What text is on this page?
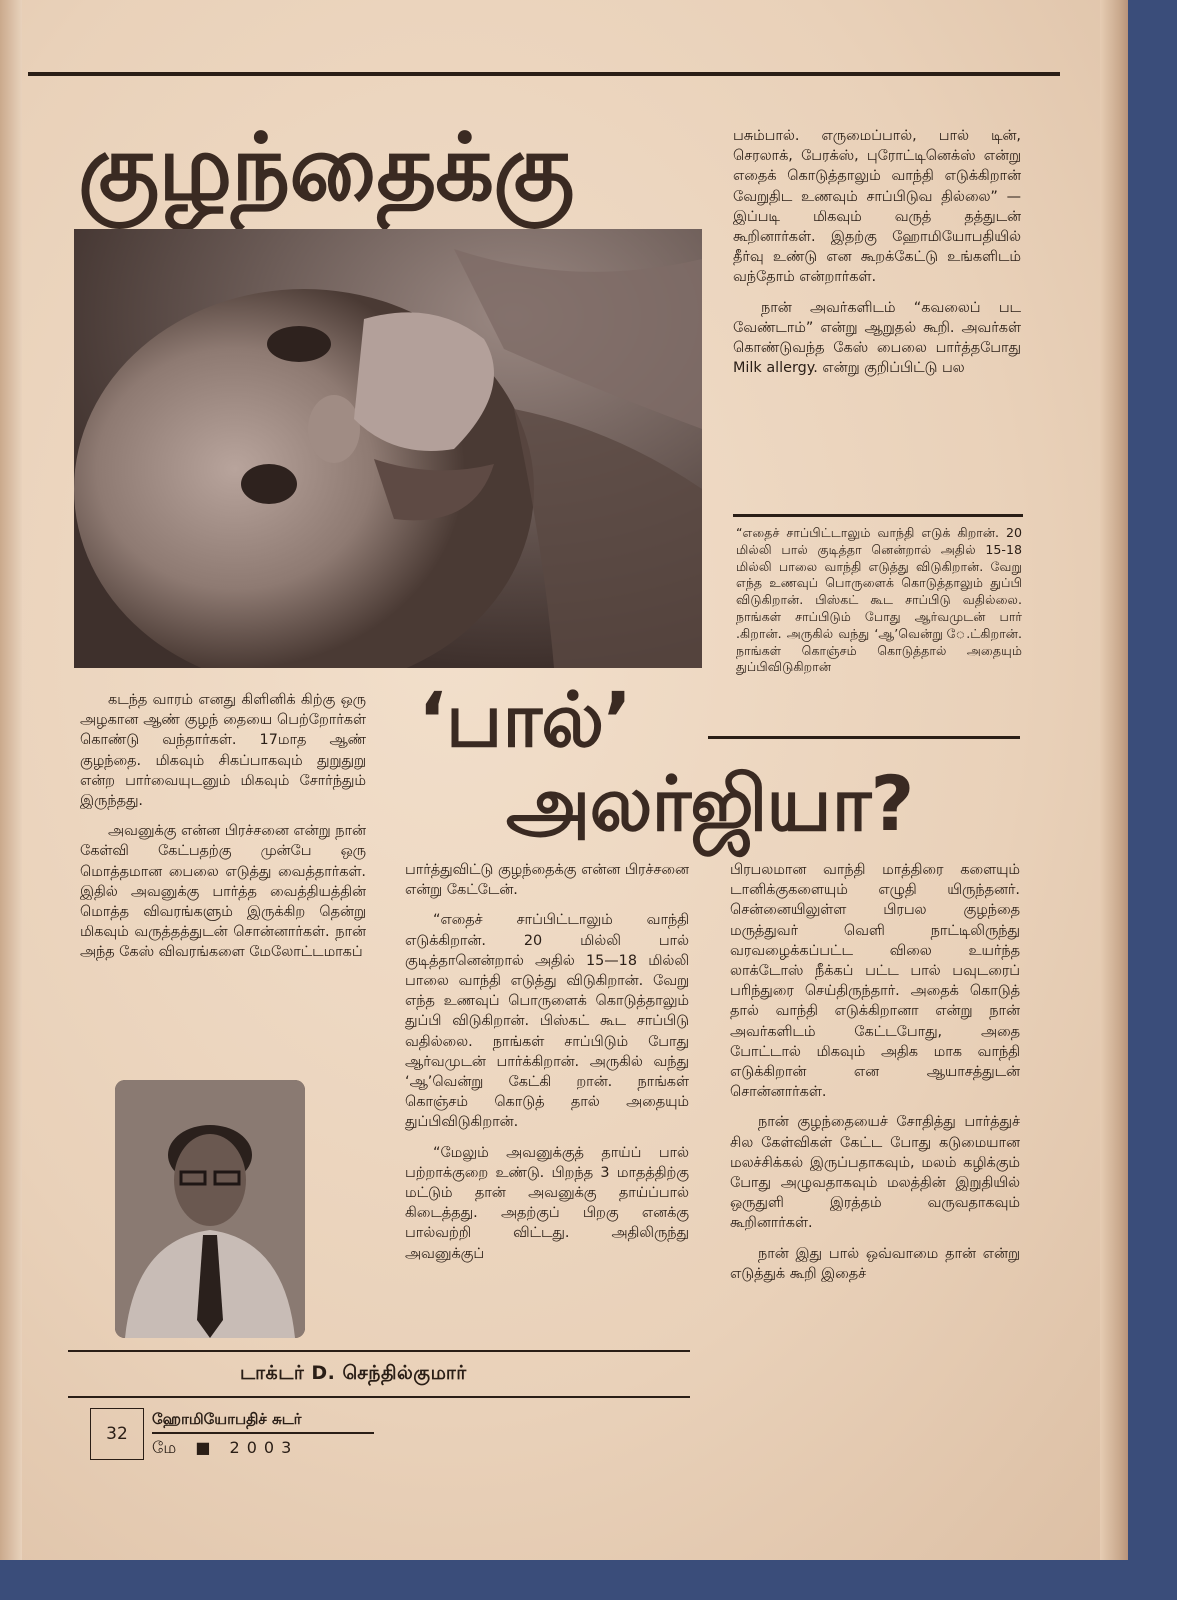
குழந்தைக்கு	பசும்பால். எருமைப்பால், பால் டின், செரலாக், பேரக்ஸ், புரோட்டினெக்ஸ் என்று எதைக் கொடுத்தாலும் வாந்தி எடுக்கிறான் வேறுதிட உணவும் சாப்பிடுவ தில்லை” —இப்படி மிகவும் வருத் தத்துடன் கூறினார்கள். இதற்கு ஹோமியோபதியில் தீர்வு உண்டு என கூறக்கேட்டு உங்களிடம் வந்தோம் என்றார்கள்.

நான் அவர்களிடம் “கவலைப் பட வேண்டாம்” என்று ஆறுதல் கூறி. அவர்கள் கொண்டுவந்த கேஸ் பைலை பார்த்தபோது Milk allergy. என்று குறிப்பிட்டு பல

“எதைச் சாப்பிட்டாலும் வாந்தி எடுக் கிறான். 20 மில்லி பால் குடித்தா னென்றால் அதில் 15-18 மில்லி பாலை வாந்தி எடுத்து விடுகிறான். வேறு எந்த உணவுப் பொருளைக் கொடுத்தாலும் துப்பி விடுகிறான். பிஸ்கட் கூட சாப்பிடு வதில்லை. நாங்கள் சாப்பிடும் போது ஆர்வமுடன் பார் .கிறான். அருகில் வந்து ‘ஆ’வென்று ே.ட்கிறான். நாங்கள் கொஞ்சம் கொடுத்தால் அதையும் துப்பிவிடுகிறான்
‘பால்’
அலர்ஜியா?

கடந்த வாரம் எனது கிளினிக் கிற்கு ஒரு அழகான ஆண் குழந் தையை பெற்றோர்கள் கொண்டு வந்தார்கள். 17மாத ஆண் குழந்தை. மிகவும் சிகப்பாகவும் துறுதுறு என்ற பார்வையுடனும் மிகவும் சோர்ந்தும் இருந்தது.

அவனுக்கு என்ன பிரச்சனை என்று நான் கேள்வி கேட்பதற்கு முன்பே ஒரு மொத்தமான பைலை எடுத்து வைத்தார்கள். இதில் அவனுக்கு பார்த்த வைத்தியத்தின் மொத்த விவரங்களும் இருக்கிற தென்று மிகவும் வருத்தத்துடன் சொன்னார்கள். நான் அந்த கேஸ் விவரங்களை மேலோட்டமாகப்

பார்த்துவிட்டு குழந்தைக்கு என்ன பிரச்சனை என்று கேட்டேன்.

“எதைச் சாப்பிட்டாலும் வாந்தி எடுக்கிறான். 20 மில்லி பால் குடித்தானென்றால் அதில் 15—18 மில்லி பாலை வாந்தி எடுத்து விடுகிறான். வேறு எந்த உணவுப் பொருளைக் கொடுத்தாலும் துப்பி விடுகிறான். பிஸ்கட் கூட சாப்பிடு வதில்லை. நாங்கள் சாப்பிடும் போது ஆர்வமுடன் பார்க்கிறான். அருகில் வந்து ‘ஆ’வென்று கேட்கி றான். நாங்கள் கொஞ்சம் கொடுத் தால் அதையும் துப்பிவிடுகிறான்.

“மேலும் அவனுக்குத் தாய்ப் பால் பற்றாக்குறை உண்டு. பிறந்த 3 மாதத்திற்கு மட்டும் தான் அவனுக்கு தாய்ப்பால் கிடைத்தது. அதற்குப் பிறகு எனக்கு பால்வற்றி விட்டது. அதிலிருந்து அவனுக்குப்

பிரபலமான வாந்தி மாத்திரை களையும் டானிக்குகளையும் எழுதி யிருந்தனர். சென்னையிலுள்ள பிரபல குழந்தை மருத்துவர் வெளி நாட்டிலிருந்து வரவழைக்கப்பட்ட விலை உயர்ந்த லாக்டோஸ் நீக்கப் பட்ட பால் பவுடரைப் பரிந்துரை செய்திருந்தார். அதைக் கொடுத் தால் வாந்தி எடுக்கிறானா என்று நான் அவர்களிடம் கேட்டபோது, அதை போட்டால் மிகவும் அதிக மாக வாந்தி எடுக்கிறான் என ஆயாசத்துடன் சொன்னார்கள்.

நான் குழந்தையைச் சோதித்து பார்த்துச் சில கேள்விகள் கேட்ட போது கடுமையான மலச்சிக்கல் இருப்பதாகவும், மலம் கழிக்கும் போது அழுவதாகவும் மலத்தின் இறுதியில் ஒருதுளி இரத்தம் வருவதாகவும் கூறினார்கள்.

நான் இது பால் ஒவ்வாமை தான் என்று எடுத்துக் கூறி இதைச்

டாக்டர் D. செந்தில்குமார்
32
ஹோமியோபதிச் சுடர்
மே ■ 2003
